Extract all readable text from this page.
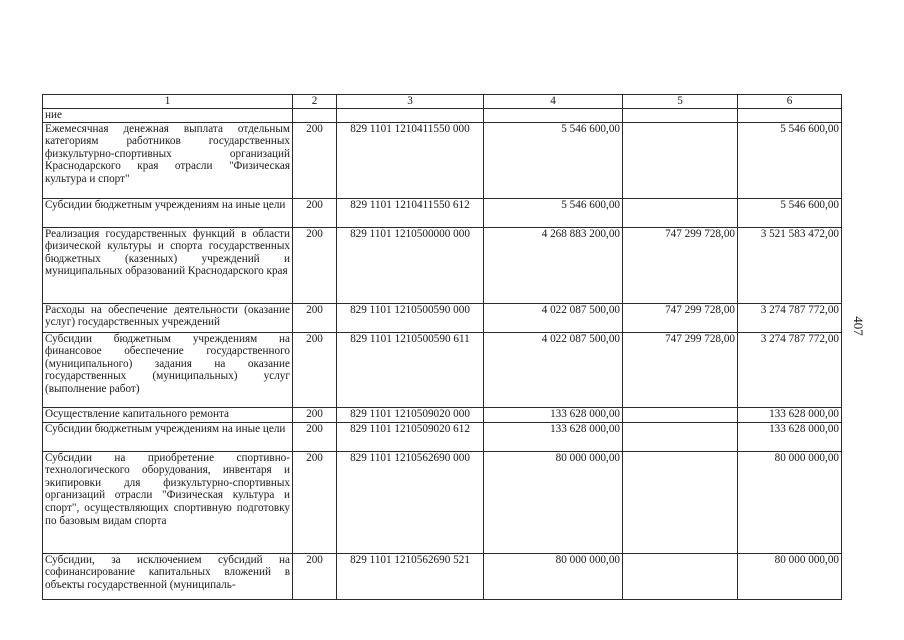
1	2	3	4	5	6
ние					
Ежемесячная денежная выплата отдельным категориям работников государственных физкультурно-спортивных организаций Краснодарского края отрасли "Физическая культура и спорт"	200	829 1101 1210411550 000	5 546 600,00		5 546 600,00
Субсидии бюджетным учреждениям на иные цели	200	829 1101 1210411550 612	5 546 600,00		5 546 600,00
Реализация государственных функций в области физической культуры и спорта государственных бюджетных (казенных) учреждений и муниципальных образований Краснодарского края	200	829 1101 1210500000 000	4 268 883 200,00	747 299 728,00	3 521 583 472,00
Расходы на обеспечение деятельности (оказание услуг) государственных учреждений	200	829 1101 1210500590 000	4 022 087 500,00	747 299 728,00	3 274 787 772,00
Субсидии бюджетным учреждениям на финансовое обеспечение государственного (муниципального) задания на оказание государственных (муниципальных) услуг (выполнение работ)	200	829 1101 1210500590 611	4 022 087 500,00	747 299 728,00	3 274 787 772,00
Осуществление капитального ремонта	200	829 1101 1210509020 000	133 628 000,00		133 628 000,00
Субсидии бюджетным учреждениям на иные цели	200	829 1101 1210509020 612	133 628 000,00		133 628 000,00
Субсидии на приобретение спортивно-технологического оборудования, инвентаря и экипировки для физкультурно-спортивных организаций отрасли "Физическая культура и спорт", осуществляющих спортивную подготовку по базовым видам спорта	200	829 1101 1210562690 000	80 000 000,00		80 000 000,00
Субсидии, за исключением субсидий на софинансирование капитальных вложений в объекты государственной (муниципаль-	200	829 1101 1210562690 521	80 000 000,00		80 000 000,00
407
